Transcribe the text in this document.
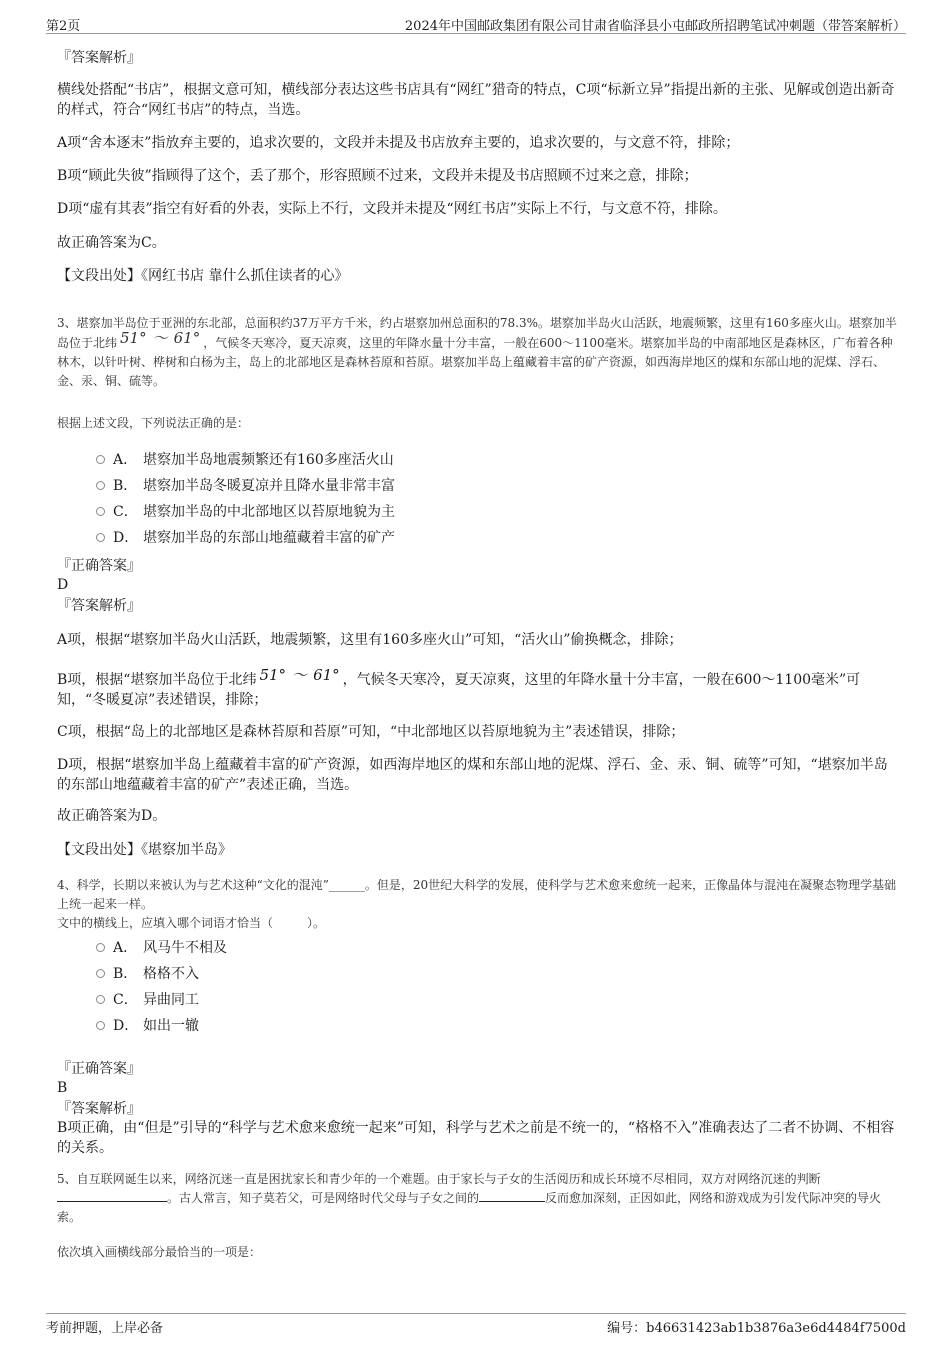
第2页	2024年中国邮政集团有限公司甘肃省临泽县小屯邮政所招聘笔试冲刺题（带答案解析）
『答案解析』
横线处搭配“书店”，根据文意可知，横线部分表达这些书店具有“网红”猎奇的特点，C项“标新立异”指提出新的主张、见解或创造出新奇的样式，符合“网红书店”的特点，当选。
A项“舍本逐末”指放弃主要的，追求次要的，文段并未提及书店放弃主要的，追求次要的，与文意不符，排除；
B项“顾此失彼”指顾得了这个，丢了那个，形容照顾不过来，文段并未提及书店照顾不过来之意，排除；
D项“虚有其表”指空有好看的外表，实际上不行，文段并未提及“网红书店”实际上不行，与文意不符，排除。
故正确答案为C。
【文段出处】《网红书店 靠什么抓住读者的心》
3、堪察加半岛位于亚洲的东北部，总面积约37万平方千米，约占堪察加州总面积的78.3%。堪察加半岛火山活跃，地震频繁，这里有160多座火山。堪察加半岛位于北纬 51° ～ 61° ，气候冬天寒冷，夏天凉爽，这里的年降水量十分丰富，一般在600～1100毫米。堪察加半岛的中南部地区是森林区，广布着各种林木，以针叶树、桦树和白杨为主，岛上的北部地区是森林苔原和苔原。堪察加半岛上蕴藏着丰富的矿产资源，如西海岸地区的煤和东部山地的泥煤、浮石、金、汞、铜、硫等。
根据上述文段，下列说法正确的是：
A． 堪察加半岛地震频繁还有160多座活火山
B． 堪察加半岛冬暖夏凉并且降水量非常丰富
C． 堪察加半岛的中北部地区以苔原地貌为主
D． 堪察加半岛的东部山地蕴藏着丰富的矿产
『正确答案』
D
『答案解析』
A项，根据“堪察加半岛火山活跃，地震频繁，这里有160多座火山”可知，“活火山”偷换概念，排除；
B项，根据“堪察加半岛位于北纬 51° ～ 61° ，气候冬天寒冷，夏天凉爽，这里的年降水量十分丰富，一般在600～1100毫米”可知，“冬暖夏凉”表述错误，排除；
C项，根据“岛上的北部地区是森林苔原和苔原”可知，“中北部地区以苔原地貌为主”表述错误，排除；
D项，根据“堪察加半岛上蕴藏着丰富的矿产资源，如西海岸地区的煤和东部山地的泥煤、浮石、金、汞、铜、硫等”可知，“堪察加半岛的东部山地蕴藏着丰富的矿产”表述正确，当选。
故正确答案为D。
【文段出处】《堪察加半岛》
4、科学，长期以来被认为与艺术这种“文化的混沌”______。但是，20世纪大科学的发展，使科学与艺术愈来愈统一起来，正像晶体与混沌在凝聚态物理学基础上统一起来一样。
文中的横线上，应填入哪个词语才恰当（	）。
A． 风马牛不相及
B． 格格不入
C． 异曲同工
D． 如出一辙
『正确答案』
B
『答案解析』
B项正确，由“但是”引导的“科学与艺术愈来愈统一起来”可知，科学与艺术之前是不统一的，“格格不入”准确表达了二者不协调、不相容的关系。
5、自互联网诞生以来，网络沉迷一直是困扰家长和青少年的一个难题。由于家长与子女的生活阅历和成长环境不尽相同，双方对网络沉迷的判断。古人常言，知子莫若父，可是网络时代父母与子女之间的	反而愈加深刻，正因如此，网络和游戏成为引发代际冲突的导火索。
依次填入画横线部分最恰当的一项是：
考前押题，上岸必备	编号：b46631423ab1b3876a3e6d4484f7500d
